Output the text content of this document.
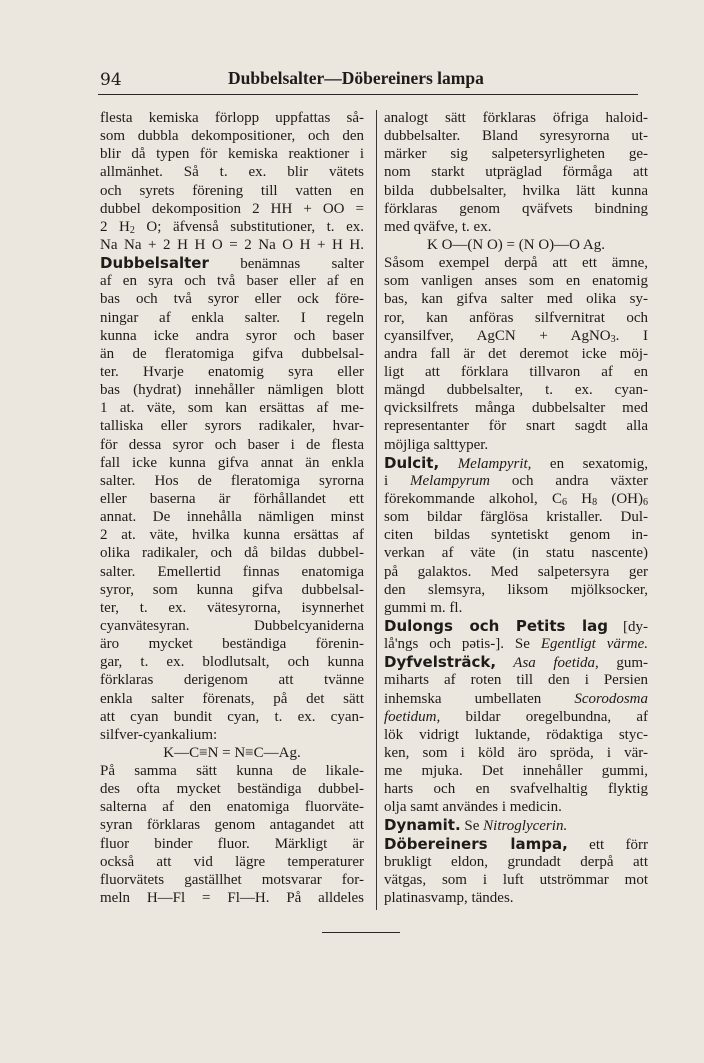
94	Dubbelsalter—Döbereiners lampa
flesta kemiska förlopp uppfattas så-
som dubbla dekompositioner, och den
blir då typen för kemiska reaktioner i
allmänhet. Så t. ex. blir vätets
och syrets förening till vatten en
dubbel dekomposition 2 HH + OO =
2 $H_2$ O; äfvenså substitutioner, t. ex.
Na Na + 2 H H O = 2 Na O H + H H.
Dubbelsalter benämnas salter
af en syra och två baser eller af en
bas och två syror eller ock före-
ningar af enkla salter. I regeln
kunna icke andra syror och baser
än de fleratomiga gifva dubbelsal-
ter. Hvarje enatomig syra eller
bas (hydrat) innehåller nämligen blott
1 at. väte, som kan ersättas af me-
talliska eller syrors radikaler, hvar-
för dessa syror och baser i de flesta
fall icke kunna gifva annat än enkla
salter. Hos de fleratomiga syrorna
eller baserna är förhållandet ett
annat. De innehålla nämligen minst
2 at. väte, hvilka kunna ersättas af
olika radikaler, och då bildas dubbel-
salter. Emellertid finnas enatomiga
syror, som kunna gifva dubbelsal-
ter, t. ex. vätesyrorna, isynnerhet
cyanvätesyran. Dubbelcyaniderna
äro mycket beständiga förenin-
gar, t. ex. blodlutsalt, och kunna
förklaras derigenom att tvänne
enkla salter förenats, på det sätt
att cyan bundit cyan, t. ex. cyan-
silfver-cyankalium:
K—C≡N = N≡C—Ag.
På samma sätt kunna de likale-
des ofta mycket beständiga dubbel-
salterna af den enatomiga fluorväte-
syran förklaras genom antagandet att
fluor binder fluor. Märkligt är
också att vid lägre temperaturer
fluorvätets gaställhet motsvarar for-
meln H—Fl = Fl—H. På alldeles
analogt sätt förklaras öfriga haloid-
dubbelsalter. Bland syresyrorna ut-
märker sig salpetersyrligheten ge-
nom starkt utpräglad förmåga att
bilda dubbelsalter, hvilka lätt kunna
förklaras genom qväfvets bindning
med qväfve, t. ex.
K O—(N O) = (N O)—O Ag.
Såsom exempel derpå att ett ämne,
som vanligen anses som en enatomig
bas, kan gifva salter med olika sy-
ror, kan anföras silfvernitrat och
cyansilfver, AgCN + AgNO$_3$. I
andra fall är det deremot icke möj-
ligt att förklara tillvaron af en
mängd dubbelsalter, t. ex. cyan-
qvicksilfrets många dubbelsalter med
representanter för snart sagdt alla
möjliga salttyper.
Dulcit, Melampyrit, en sexatomig,
i Melampyrum och andra växter
förekommande alkohol, $C_6$ $H_8$ $(OH)_6$
som bildar färglösa kristaller. Dul-
citen bildas syntetiskt genom in-
verkan af väte (in statu nascente)
på galaktos. Med salpetersyra ger
den slemsyra, liksom mjölksocker,
gummi m. fl.
Dulongs och Petits lag [dy-
lå'ngs och pətis-]. Se Egentligt värme.
Dyfvelsträck, Asa foetida, gum-
miharts af roten till den i Persien
inhemska umbellaten Scorodosma
foetidum, bildar oregelbundna, af
lök vidrigt luktande, rödaktiga styc-
ken, som i köld äro spröda, i vär-
me mjuka. Det innehåller gummi,
harts och en svafvelhaltig flyktig
olja samt användes i medicin.
Dynamit. Se Nitroglycerin.
Döbereiners lampa, ett förr
brukligt eldon, grundadt derpå att
vätgas, som i luft utströmmar mot
platinasvamp, tändes.
